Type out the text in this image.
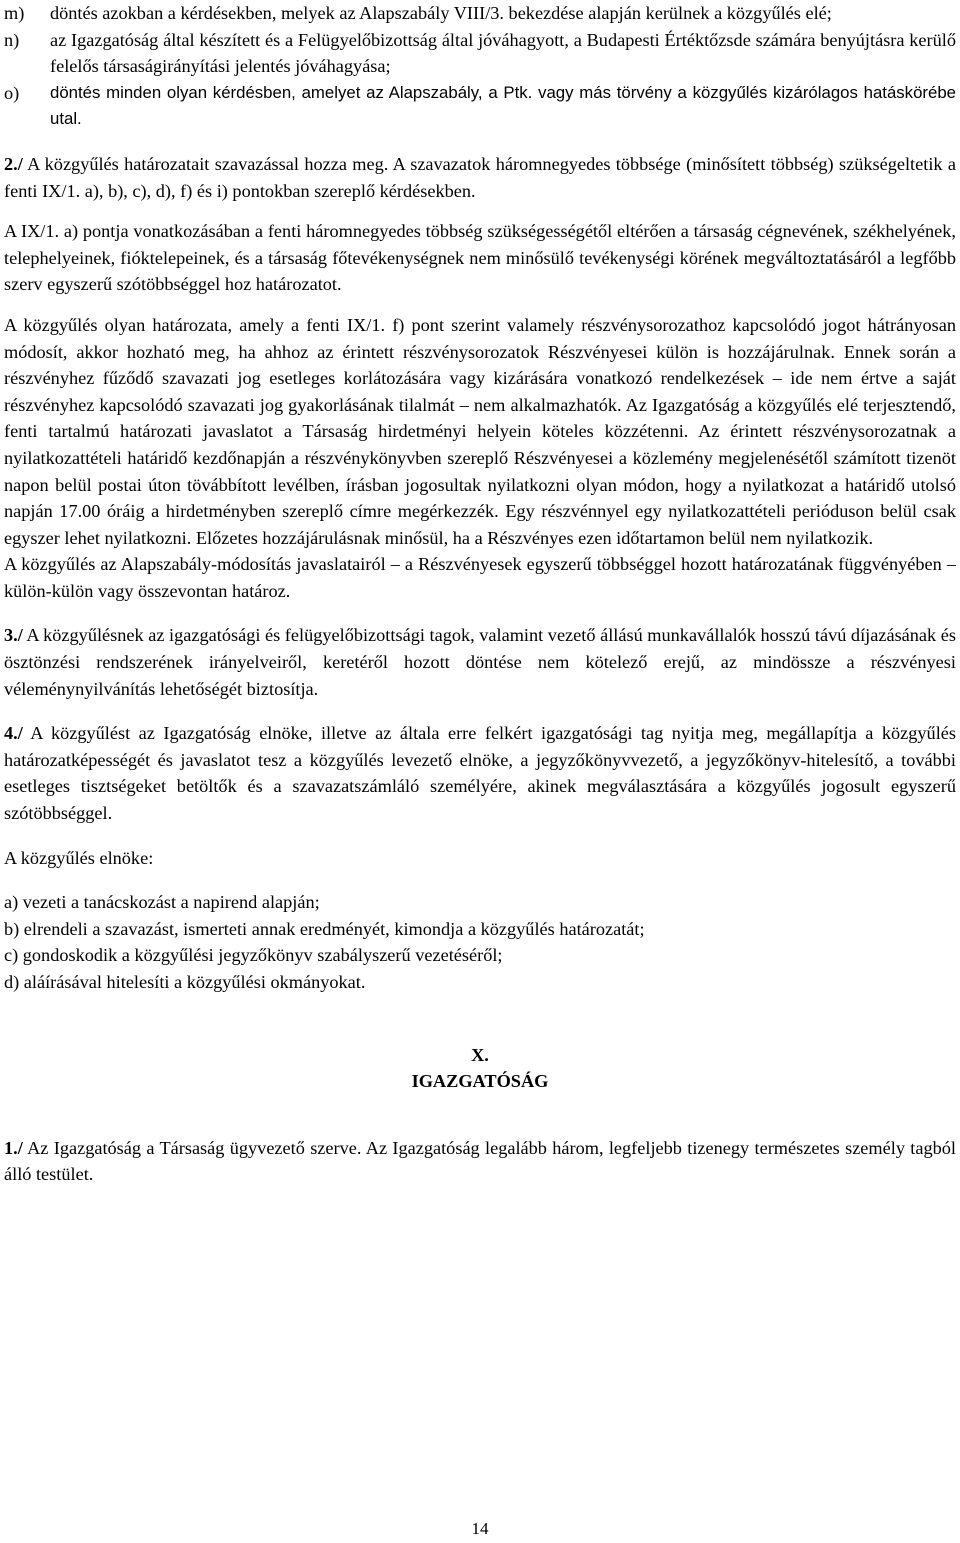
m) döntés azokban a kérdésekben, melyek az Alapszabály VIII/3. bekezdése alapján kerülnek a közgyűlés elé;
n) az Igazgatóság által készített és a Felügyelőbizottság által jóváhagyott, a Budapesti Értéktőzsde számára benyújtásra kerülő felelős társaságirányítási jelentés jóváhagyása;
o) döntés minden olyan kérdésben, amelyet az Alapszabály, a Ptk. vagy más törvény a közgyűlés kizárólagos hatáskörébe utal.

2./ A közgyűlés határozatait szavazással hozza meg. A szavazatok háromnegyedes többsége (minősített többség) szükségeltetik a fenti IX/1. a), b), c), d), f) és i) pontokban szereplő kérdésekben.

A IX/1. a) pontja vonatkozásában a fenti háromnegyedes többség szükségességétől eltérően a társaság cégnevének, székhelyének, telephelyeinek, fióktelepeinek, és a társaság főtevékenységnek nem minősülő tevékenységi körének megváltoztatásáról a legfőbb szerv egyszerű szótöbbséggel hoz határozatot.

A közgyűlés olyan határozata, amely a fenti IX/1. f) pont szerint valamely részvénysorozathoz kapcsolódó jogot hátrányosan módosít, akkor hozható meg, ha ahhoz az érintett részvénysorozatok Részvényesei külön is hozzájárulnak. Ennek során a részvényhez fűződő szavazati jog esetleges korlátozására vagy kizárására vonatkozó rendelkezések – ide nem értve a saját részvényhez kapcsolódó szavazati jog gyakorlásának tilalmát – nem alkalmazhatók. Az Igazgatóság a közgyűlés elé terjesztendő, fenti tartalmú határozati javaslatot a Társaság hirdetményi helyein köteles közzétenni. Az érintett részvénysorozatnak a nyilatkozattételi határidő kezdőnapján a részvénykönyvben szereplő Részvényesei a közlemény megjelenésétől számított tizenöt napon belül postai úton tövábbított levélben, írásban jogosultak nyilatkozni olyan módon, hogy a nyilatkozat a határidő utolsó napján 17.00 óráig a hirdetményben szereplő címre megérkezzék. Egy részvénnyel egy nyilatkozattételi perióduson belül csak egyszer lehet nyilatkozni. Előzetes hozzájárulásnak minősül, ha a Részvényes ezen időtartamon belül nem nyilatkozik.

A közgyűlés az Alapszabály-módosítás javaslatairól – a Részvényesek egyszerű többséggel hozott határozatának függvényében – külön-külön vagy összevontan határoz.

3./ A közgyűlésnek az igazgatósági és felügyelőbizottsági tagok, valamint vezető állású munkavállalók hosszú távú díjazásának és ösztönzési rendszerének irányelveiről, keretéről hozott döntése nem kötelező erejű, az mindössze a részvényesi véleménynyilvánítás lehetőségét biztosítja.

4./ A közgyűlést az Igazgatóság elnöke, illetve az általa erre felkért igazgatósági tag nyitja meg, megállapítja a közgyűlés határozatképességét és javaslatot tesz a közgyűlés levezető elnöke, a jegyzőkönyvvezető, a jegyzőkönyv-hitelesítő, a további esetleges tisztségeket betöltők és a szavazatszámláló személyére, akinek megválasztására a közgyűlés jogosult egyszerű szótöbbséggel.

A közgyűlés elnöke:

a) vezeti a tanácskozást a napirend alapján;

b) elrendeli a szavazást, ismerteti annak eredményét, kimondja a közgyűlés határozatát;

c) gondoskodik a közgyűlési jegyzőkönyv szabályszerű vezetéséről;

d) aláírásával hitelesíti a közgyűlési okmányokat.

X.
IGAZGATÓSÁG

1./ Az Igazgatóság a Társaság ügyvezető szerve. Az Igazgatóság legalább három, legfeljebb tizenegy természetes személy tagból álló testület.

14
